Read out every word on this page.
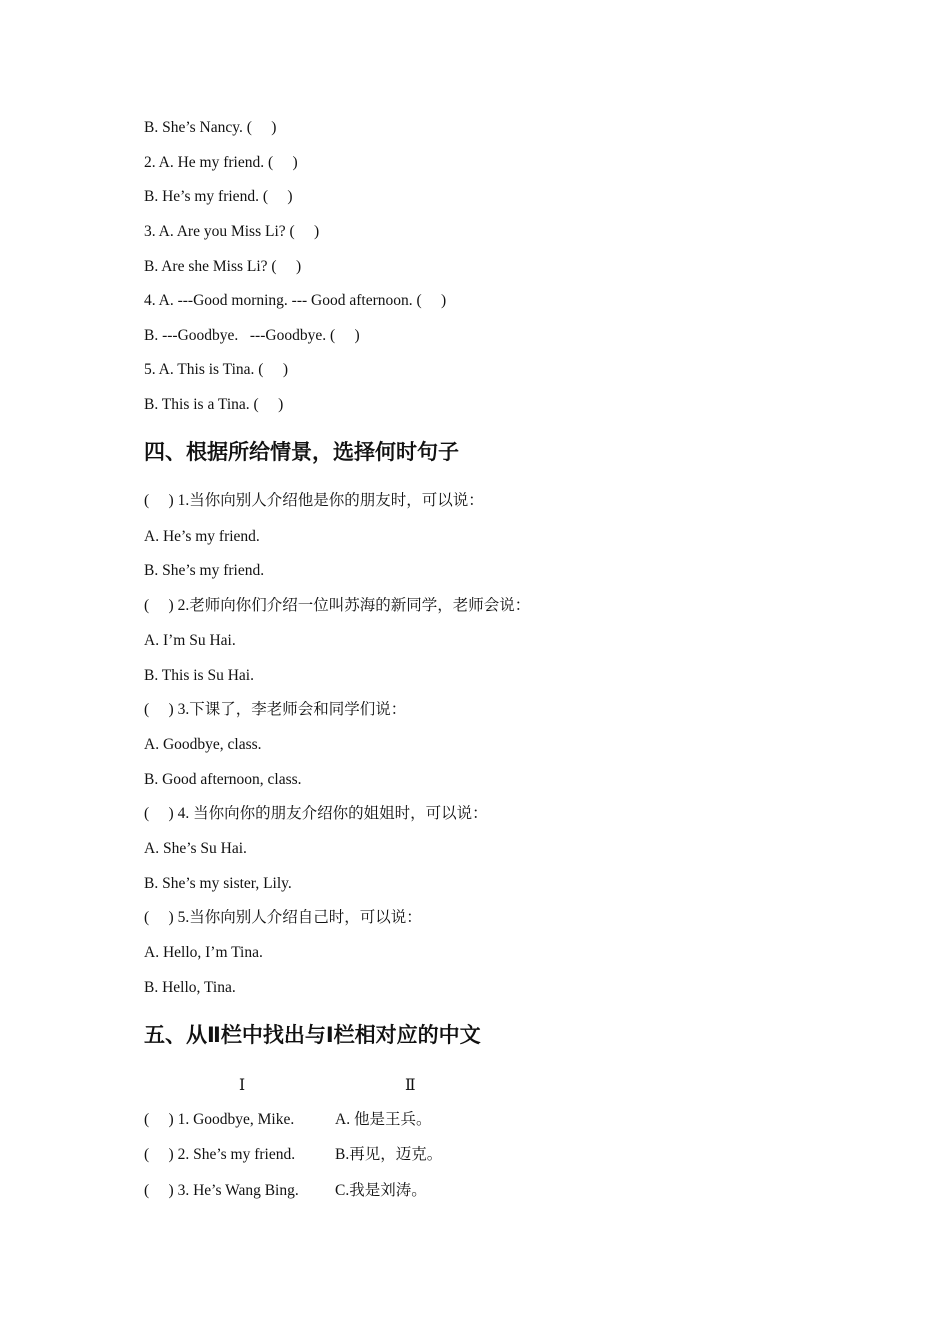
B. She’s Nancy. (     )
2. A. He my friend. (     )
B. He’s my friend. (     )
3. A. Are you Miss Li? (     )
B. Are she Miss Li? (     )
4. A. ---Good morning. --- Good afternoon. (     )
B. ---Goodbye.   ---Goodbye. (     )
5. A. This is Tina. (     )
B. This is a Tina. (     )
四、根据所给情景，选择何时句子
(     ) 1.当你向别人介绍他是你的朋友时，可以说：
A. He’s my friend.
B. She’s my friend.
(     ) 2.老师向你们介绍一位叫苏海的新同学，老师会说：
A. I’m Su Hai.
B. This is Su Hai.
(     ) 3.下课了，李老师会和同学们说：
A. Goodbye, class.
B. Good afternoon, class.
(     ) 4. 当你向你的朋友介绍你的姐姐时，可以说：
A. She’s Su Hai.
B. She’s my sister, Lily.
(     ) 5.当你向别人介绍自己时，可以说：
A. Hello, I’m Tina.
B. Hello, Tina.
五、从Ⅱ栏中找出与Ⅰ栏相对应的中文
Ⅰ	Ⅱ
(     ) 1. Goodbye, Mike.	A. 他是王兵。
(     ) 2. She’s my friend.	B.再见，迈克。
(     ) 3. He’s Wang Bing. C.我是刘涛。
